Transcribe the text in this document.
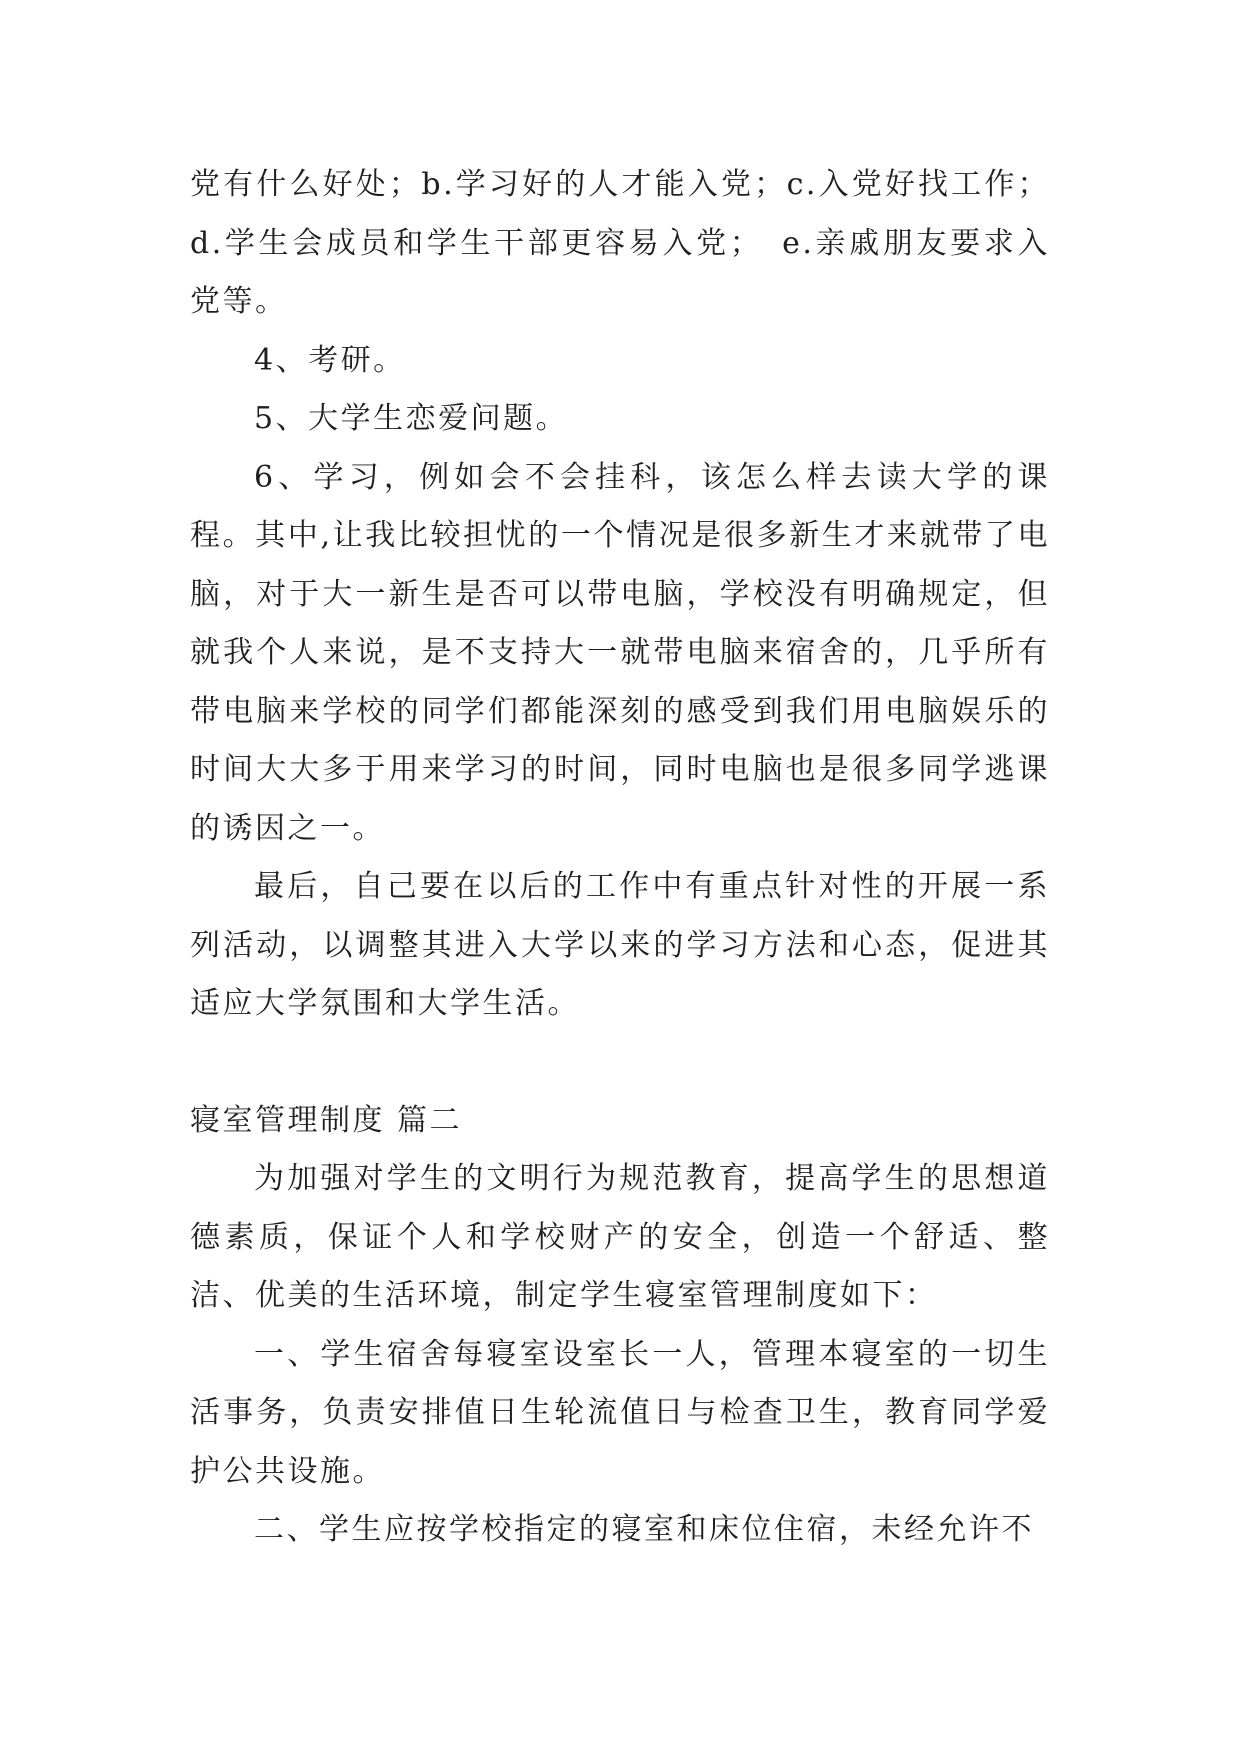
党有什么好处；b.学习好的人才能入党；c.入党好找工作；d.学生会成员和学生干部更容易入党；　e.亲戚朋友要求入党等。

4、考研。

5、大学生恋爱问题。

6、学习，例如会不会挂科，该怎么样去读大学的课程。其中,让我比较担忧的一个情况是很多新生才来就带了电脑，对于大一新生是否可以带电脑，学校没有明确规定，但就我个人来说，是不支持大一就带电脑来宿舍的，几乎所有带电脑来学校的同学们都能深刻的感受到我们用电脑娱乐的时间大大多于用来学习的时间，同时电脑也是很多同学逃课的诱因之一。

最后，自己要在以后的工作中有重点针对性的开展一系列活动，以调整其进入大学以来的学习方法和心态，促进其适应大学氛围和大学生活。

寝室管理制度 篇二

为加强对学生的文明行为规范教育，提高学生的思想道德素质，保证个人和学校财产的安全，创造一个舒适、整洁、优美的生活环境，制定学生寝室管理制度如下：

一、学生宿舍每寝室设室长一人，管理本寝室的一切生活事务，负责安排值日生轮流值日与检查卫生，教育同学爱护公共设施。

二、学生应按学校指定的寝室和床位住宿，未经允许不
